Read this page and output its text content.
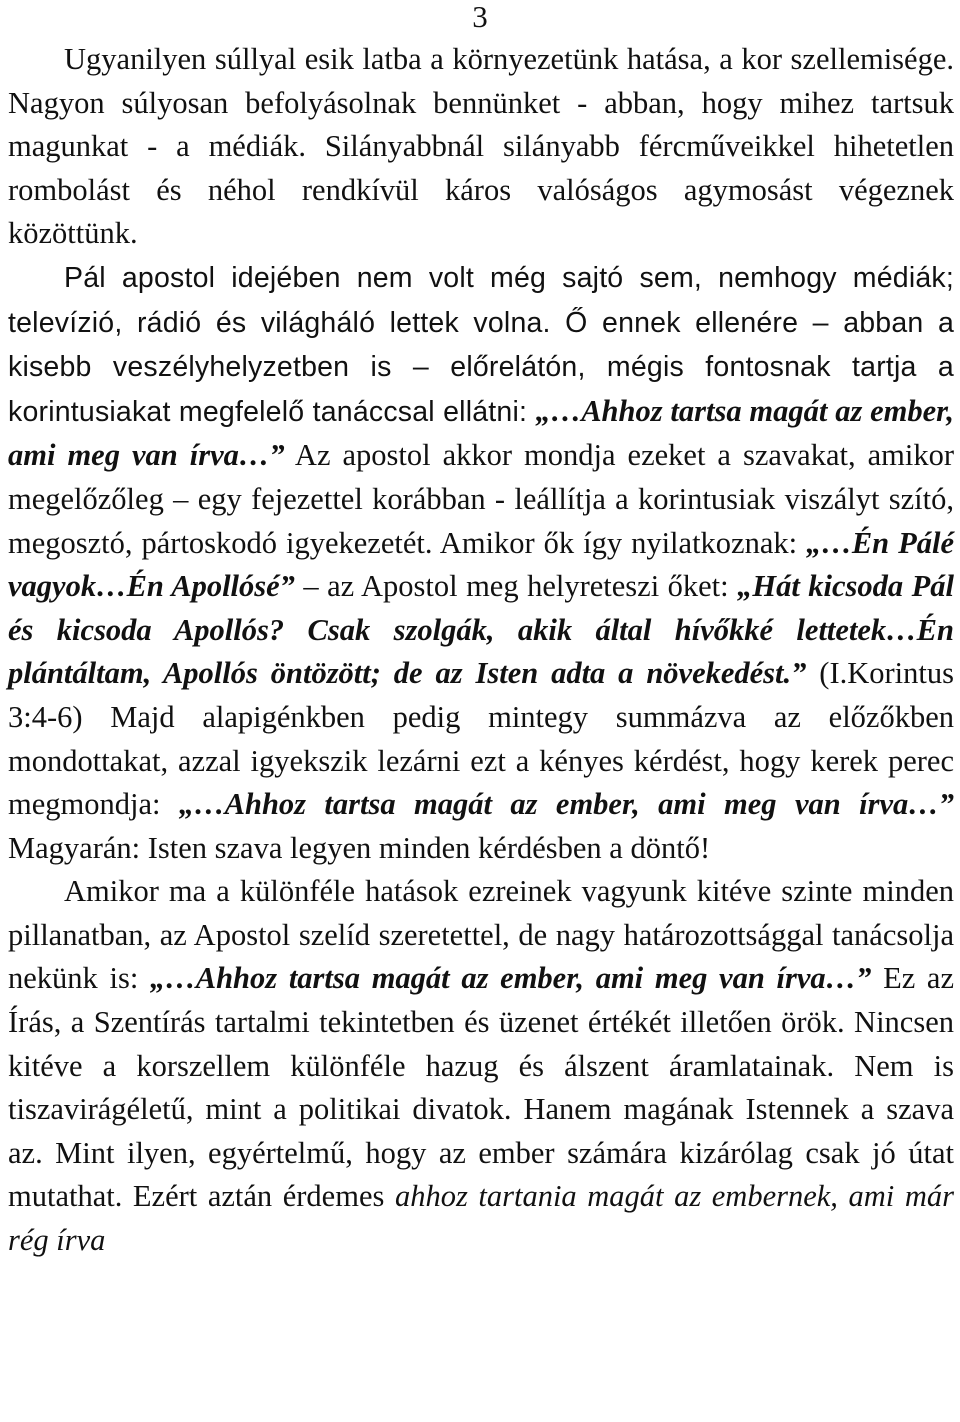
3

Ugyanilyen súllyal esik latba a környezetünk hatása, a kor szellemisége. Nagyon súlyosan befolyásolnak bennünket - abban, hogy mihez tartsuk magunkat - a médiák. Silányabbnál silányabb fércműveikkel hihetetlen rombolást és néhol rendkívül káros valóságos agymosást végeznek közöttünk.

Pál apostol idejében nem volt még sajtó sem, nemhogy médiák; televízió, rádió és világháló lettek volna. Ő ennek ellenére – abban a kisebb veszélyhelyzetben is – előrelátón, mégis fontosnak tartja a korintusiakat megfelelő tanáccsal ellátni: „…Ahhoz tartsa magát az ember, ami meg van írva…” Az apostol akkor mondja ezeket a szavakat, amikor megelőzőleg – egy fejezettel korábban - leállítja a korintusiak viszályt szító, megosztó, pártoskodó igyekezetét. Amikor ők így nyilatkoznak: „…Én Pálé vagyok…Én Apollósé” – az Apostol meg helyreteszi őket: „Hát kicsoda Pál és kicsoda Apollós? Csak szolgák, akik által hívőkké lettetek…Én plántáltam, Apollós öntözött; de az Isten adta a növekedést.” (I.Korintus 3:4-6) Majd alapigénkben pedig mintegy summázva az előzőkben mondottakat, azzal igyekszik lezárni ezt a kényes kérdést, hogy kerek perec megmondja: „…Ahhoz tartsa magát az ember, ami meg van írva…” Magyarán: Isten szava legyen minden kérdésben a döntő!

Amikor ma a különféle hatások ezreinek vagyunk kitéve szinte minden pillanatban, az Apostol szelíd szeretettel, de nagy határozottsággal tanácsolja nekünk is: „…Ahhoz tartsa magát az ember, ami meg van írva…” Ez az Írás, a Szentírás tartalmi tekintetben és üzenet értékét illetően örök. Nincsen kitéve a korszellem különféle hazug és álszent áramlatainak. Nem is tiszavirágéletű, mint a politikai divatok. Hanem magának Istennek a szava az. Mint ilyen, egyértelmű, hogy az ember számára kizárólag csak jó útat mutathat. Ezért aztán érdemes ahhoz tartania magát az embernek, ami már rég írva
